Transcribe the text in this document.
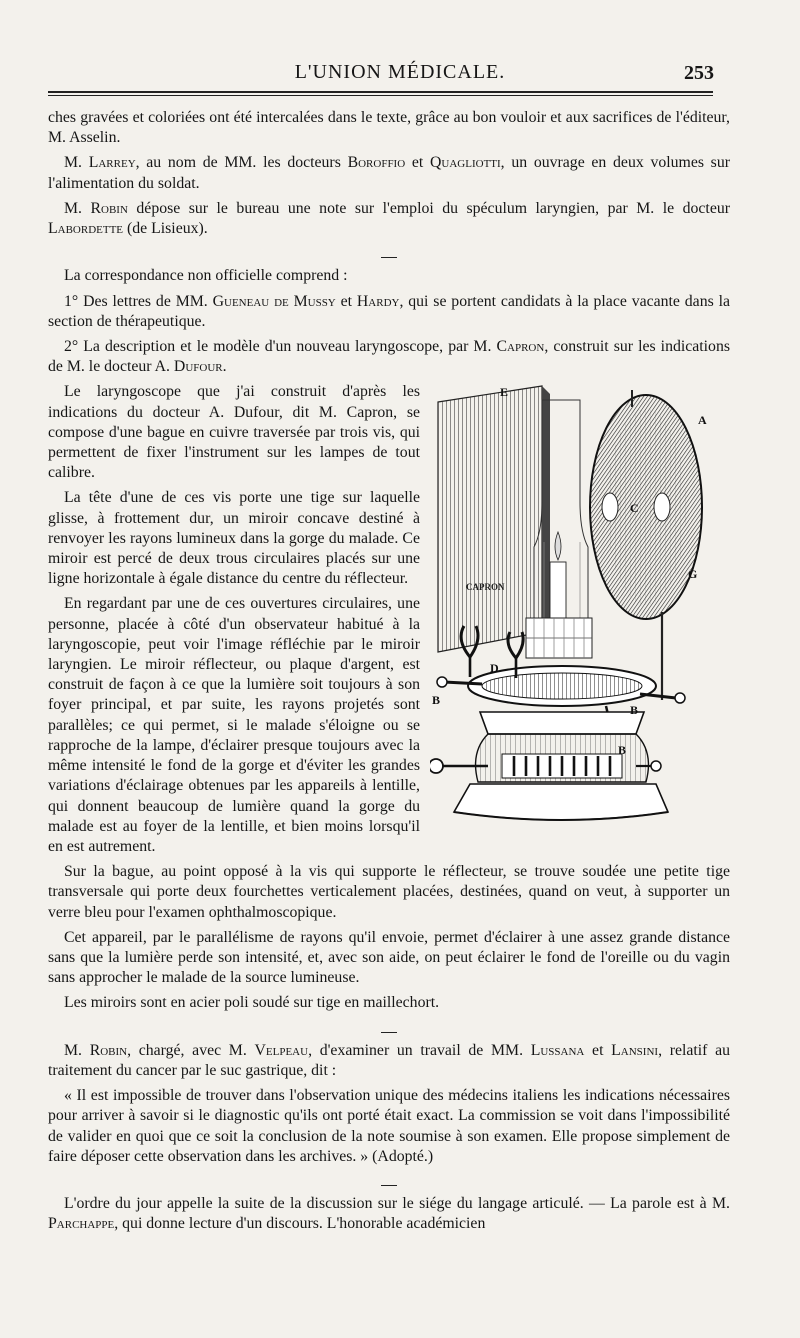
L'UNION MÉDICALE.	253

ches gravées et coloriées ont été intercalées dans le texte, grâce au bon vouloir et aux sacrifices de l'éditeur, M. Asselin.

M. Larrey, au nom de MM. les docteurs Boroffio et Quagliotti, un ouvrage en deux volumes sur l'alimentation du soldat.

M. Robin dépose sur le bureau une note sur l'emploi du spéculum laryngien, par M. le docteur Labordette (de Lisieux).

La correspondance non officielle comprend :

1° Des lettres de MM. Gueneau de Mussy et Hardy, qui se portent candidats à la place vacante dans la section de thérapeutique.

2° La description et le modèle d'un nouveau laryngoscope, par M. Capron, construit sur les indications de M. le docteur A. Dufour.

CAPRON
E
A
C
G
D
B
B
B

Le laryngoscope que j'ai construit d'après les indications du docteur A. Dufour, dit M. Capron, se compose d'une bague en cuivre traversée par trois vis, qui permettent de fixer l'instrument sur les lampes de tout calibre.

La tête d'une de ces vis porte une tige sur laquelle glisse, à frottement dur, un miroir concave destiné à renvoyer les rayons lumineux dans la gorge du malade. Ce miroir est percé de deux trous circulaires placés sur une ligne horizontale à égale distance du centre du réflecteur.

En regardant par une de ces ouvertures circulaires, une personne, placée à côté d'un observateur habitué à la laryngoscopie, peut voir l'image réfléchie par le miroir laryngien. Le miroir réflecteur, ou plaque d'argent, est construit de façon à ce que la lumière soit toujours à son foyer principal, et par suite, les rayons projetés sont parallèles; ce qui permet, si le malade s'éloigne ou se rapproche de la lampe, d'éclairer presque toujours avec la même intensité le fond de la gorge et d'éviter les grandes variations d'éclairage obtenues par les appareils à lentille, qui donnent beaucoup de lumière quand la gorge du malade est au foyer de la lentille, et bien moins lorsqu'il en est autrement.

Sur la bague, au point opposé à la vis qui supporte le réflecteur, se trouve soudée une petite tige transversale qui porte deux fourchettes verticalement placées, destinées, quand on veut, à supporter un verre bleu pour l'examen ophthalmoscopique.

Cet appareil, par le parallélisme de rayons qu'il envoie, permet d'éclairer à une assez grande distance sans que la lumière perde son intensité, et, avec son aide, on peut éclairer le fond de l'oreille ou du vagin sans approcher le malade de la source lumineuse.

Les miroirs sont en acier poli soudé sur tige en maillechort.

M. Robin, chargé, avec M. Velpeau, d'examiner un travail de MM. Lussana et Lansini, relatif au traitement du cancer par le suc gastrique, dit :

« Il est impossible de trouver dans l'observation unique des médecins italiens les indications nécessaires pour arriver à savoir si le diagnostic qu'ils ont porté était exact. La commission se voit dans l'impossibilité de valider en quoi que ce soit la conclusion de la note soumise à son examen. Elle propose simplement de faire déposer cette observation dans les archives. » (Adopté.)

L'ordre du jour appelle la suite de la discussion sur le siége du langage articulé. — La parole est à M. Parchappe, qui donne lecture d'un discours. L'honorable académicien
